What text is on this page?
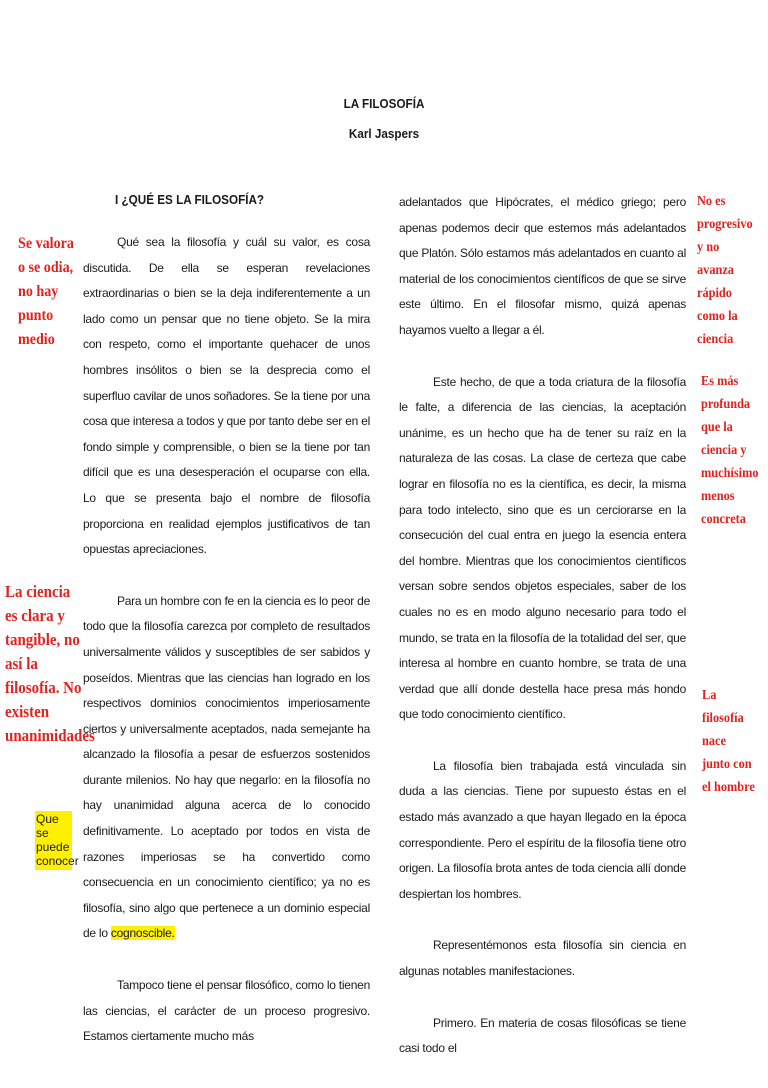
LA FILOSOFÍA
Karl Jaspers
I ¿QUÉ ES LA FILOSOFÍA?

Qué sea la filosofía y cuál su valor, es cosa discutida. De ella se esperan revelaciones extraordinarias o bien se la deja indiferentemente a un lado como un pensar que no tiene objeto. Se la mira con respeto, como el importante quehacer de unos hombres insólitos o bien se la desprecia como el superfluo cavilar de unos soñadores. Se la tiene por una cosa que interesa a todos y que por tanto debe ser en el fondo simple y comprensible, o bien se la tiene por tan difícil que es una desesperación el ocuparse con ella. Lo que se presenta bajo el nombre de filosofía proporciona en realidad ejemplos justificativos de tan opuestas apreciaciones.

Para un hombre con fe en la ciencia es lo peor de todo que la filosofía carezca por completo de resultados universalmente válidos y susceptibles de ser sabidos y poseídos. Mientras que las ciencias han logrado en los respectivos dominios conocimientos imperiosamente ciertos y universalmente aceptados, nada semejante ha alcanzado la filosofía a pesar de esfuerzos sostenidos durante milenios. No hay que negarlo: en la filosofía no hay unanimidad alguna acerca de lo conocido definitivamente. Lo aceptado por todos en vista de razones imperiosas se ha convertido como consecuencia en un conocimiento científico; ya no es filosofía, sino algo que pertenece a un dominio especial de lo cognoscible.

Tampoco tiene el pensar filosófico, como lo tienen las ciencias, el carácter de un proceso progresivo. Estamos ciertamente mucho más

adelantados que Hipócrates, el médico griego; pero apenas podemos decir que estemos más adelantados que Platón. Sólo estamos más adelantados en cuanto al material de los conocimientos científicos de que se sirve este último. En el filosofar mismo, quizá apenas hayamos vuelto a llegar a él.

Este hecho, de que a toda criatura de la filosofía le falte, a diferencia de las ciencias, la aceptación unánime, es un hecho que ha de tener su raíz en la naturaleza de las cosas. La clase de certeza que cabe lograr en filosofía no es la científica, es decir, la misma para todo intelecto, sino que es un cerciorarse en la consecución del cual entra en juego la esencia entera del hombre. Mientras que los conocimientos científicos versan sobre sendos objetos especiales, saber de los cuales no es en modo alguno necesario para todo el mundo, se trata en la filosofía de la totalidad del ser, que interesa al hombre en cuanto hombre, se trata de una verdad que allí donde destella hace presa más hondo que todo conocimiento científico.

La filosofía bien trabajada está vinculada sin duda a las ciencias. Tiene por supuesto éstas en el estado más avanzado a que hayan llegado en la época correspondiente. Pero el espíritu de la filosofía tiene otro origen. La filosofía brota antes de toda ciencia allí donde despiertan los hombres.

Representémonos esta filosofía sin ciencia en algunas notables manifestaciones.

Primero. En materia de cosas filosóficas se tiene casi todo el

Se valora o se odia, no hay punto medio
La ciencia es clara y tangible, no así la filosofía. No existen unanimidades
No es progresivo y no avanza rápido como la ciencia
Es más profunda que la ciencia y muchísimo menos concreta
La filosofía nace junto con el hombre
Que se puede conocer
